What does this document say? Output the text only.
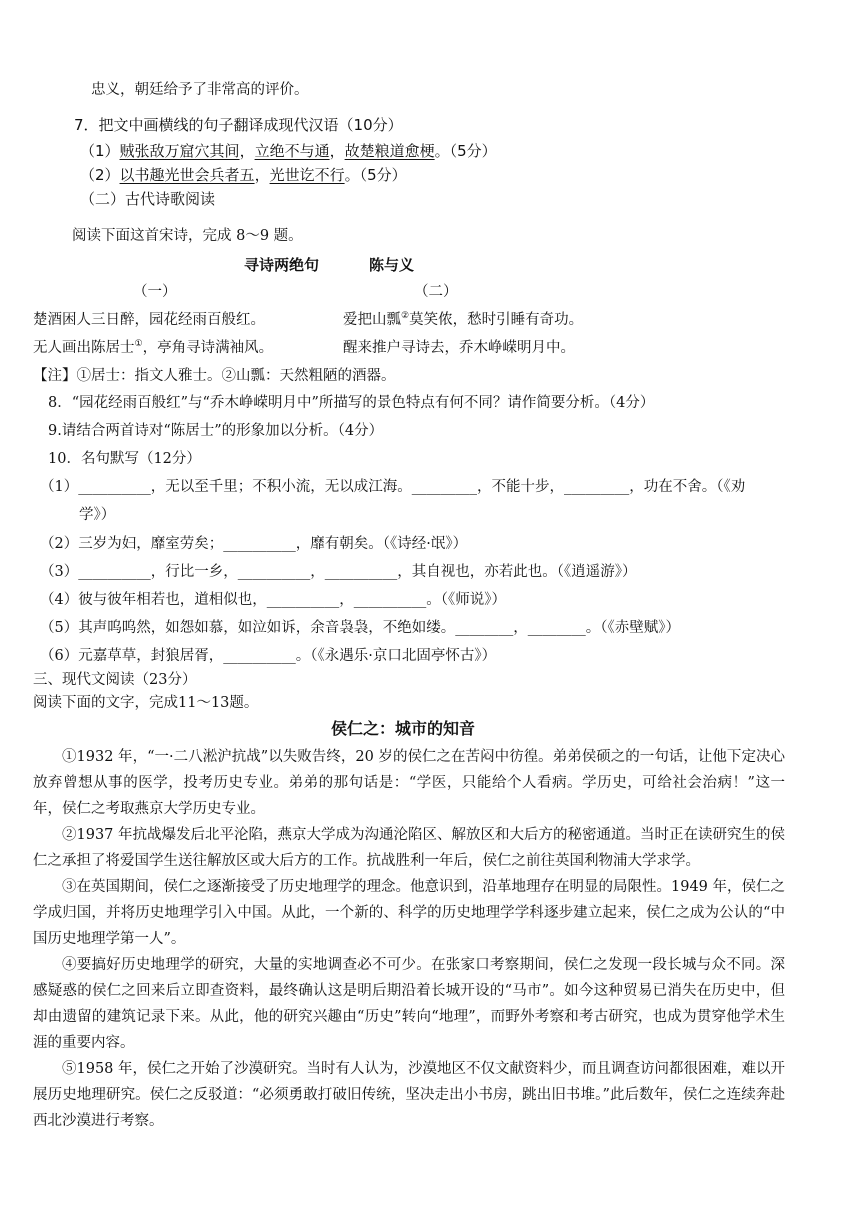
忠义，朝廷给予了非常高的评价。
7．把文中画横线的句子翻译成现代汉语（10分）
（1）贼张敌万窟穴其间，立绝不与通，故楚粮道愈梗。（5分）
（2）以书趣光世会兵者五，光世讫不行。（5分）
（二）古代诗歌阅读
阅读下面这首宋诗，完成 8～9 题。
寻诗两绝句	陈与义
（一）	（二）
楚酒困人三日醉，园花经雨百般红。
无人画出陈居士①，亭角寻诗满袖风。
爱把山瓢②莫笑侬，愁时引睡有奇功。
醒来推户寻诗去，乔木峥嵘明月中。
【注】①居士：指文人雅士。②山瓢：天然粗陋的酒器。
8．“园花经雨百般红”与“乔木峥嵘明月中”所描写的景色特点有何不同？请作简要分析。（4分）
9.请结合两首诗对“陈居士”的形象加以分析。（4分）
10．名句默写（12分）
（1）__________，无以至千里；不积小流，无以成江海。_________，不能十步，_________，功在不舍。（《劝
学》）
（2）三岁为妇，靡室劳矣；__________，靡有朝矣。（《诗经·氓》）
（3）__________，行比一乡，__________，__________，其自视也，亦若此也。（《逍遥游》）
（4）彼与彼年相若也，道相似也，__________，__________。（《师说》）
（5）其声呜呜然，如怨如慕，如泣如诉，余音袅袅，不绝如缕。________，________。（《赤壁赋》）
（6）元嘉草草，封狼居胥，__________。（《永遇乐·京口北固亭怀古》）
三、现代文阅读（23分）
阅读下面的文字，完成11～13题。
侯仁之：城市的知音
①1932 年，“一·二八淞沪抗战”以失败告终，20 岁的侯仁之在苦闷中彷徨。弟弟侯硕之的一句话，让他下定决心放弃曾想从事的医学，投考历史专业。弟弟的那句话是：“学医，只能给个人看病。学历史，可给社会治病！”这一年，侯仁之考取燕京大学历史专业。
②1937 年抗战爆发后北平沦陷，燕京大学成为沟通沦陷区、解放区和大后方的秘密通道。当时正在读研究生的侯仁之承担了将爱国学生送往解放区或大后方的工作。抗战胜利一年后，侯仁之前往英国利物浦大学求学。
③在英国期间，侯仁之逐渐接受了历史地理学的理念。他意识到，沿革地理存在明显的局限性。1949 年，侯仁之学成归国，并将历史地理学引入中国。从此，一个新的、科学的历史地理学学科逐步建立起来，侯仁之成为公认的“中国历史地理学第一人”。
④要搞好历史地理学的研究，大量的实地调查必不可少。在张家口考察期间，侯仁之发现一段长城与众不同。深感疑惑的侯仁之回来后立即查资料，最终确认这是明后期沿着长城开设的“马市”。如今这种贸易已消失在历史中，但却由遗留的建筑记录下来。从此，他的研究兴趣由“历史”转向“地理”，而野外考察和考古研究，也成为贯穿他学术生涯的重要内容。
⑤1958 年，侯仁之开始了沙漠研究。当时有人认为，沙漠地区不仅文献资料少，而且调查访问都很困难，难以开展历史地理研究。侯仁之反驳道：“必须勇敢打破旧传统，坚决走出小书房，跳出旧书堆。”此后数年，侯仁之连续奔赴西北沙漠进行考察。
